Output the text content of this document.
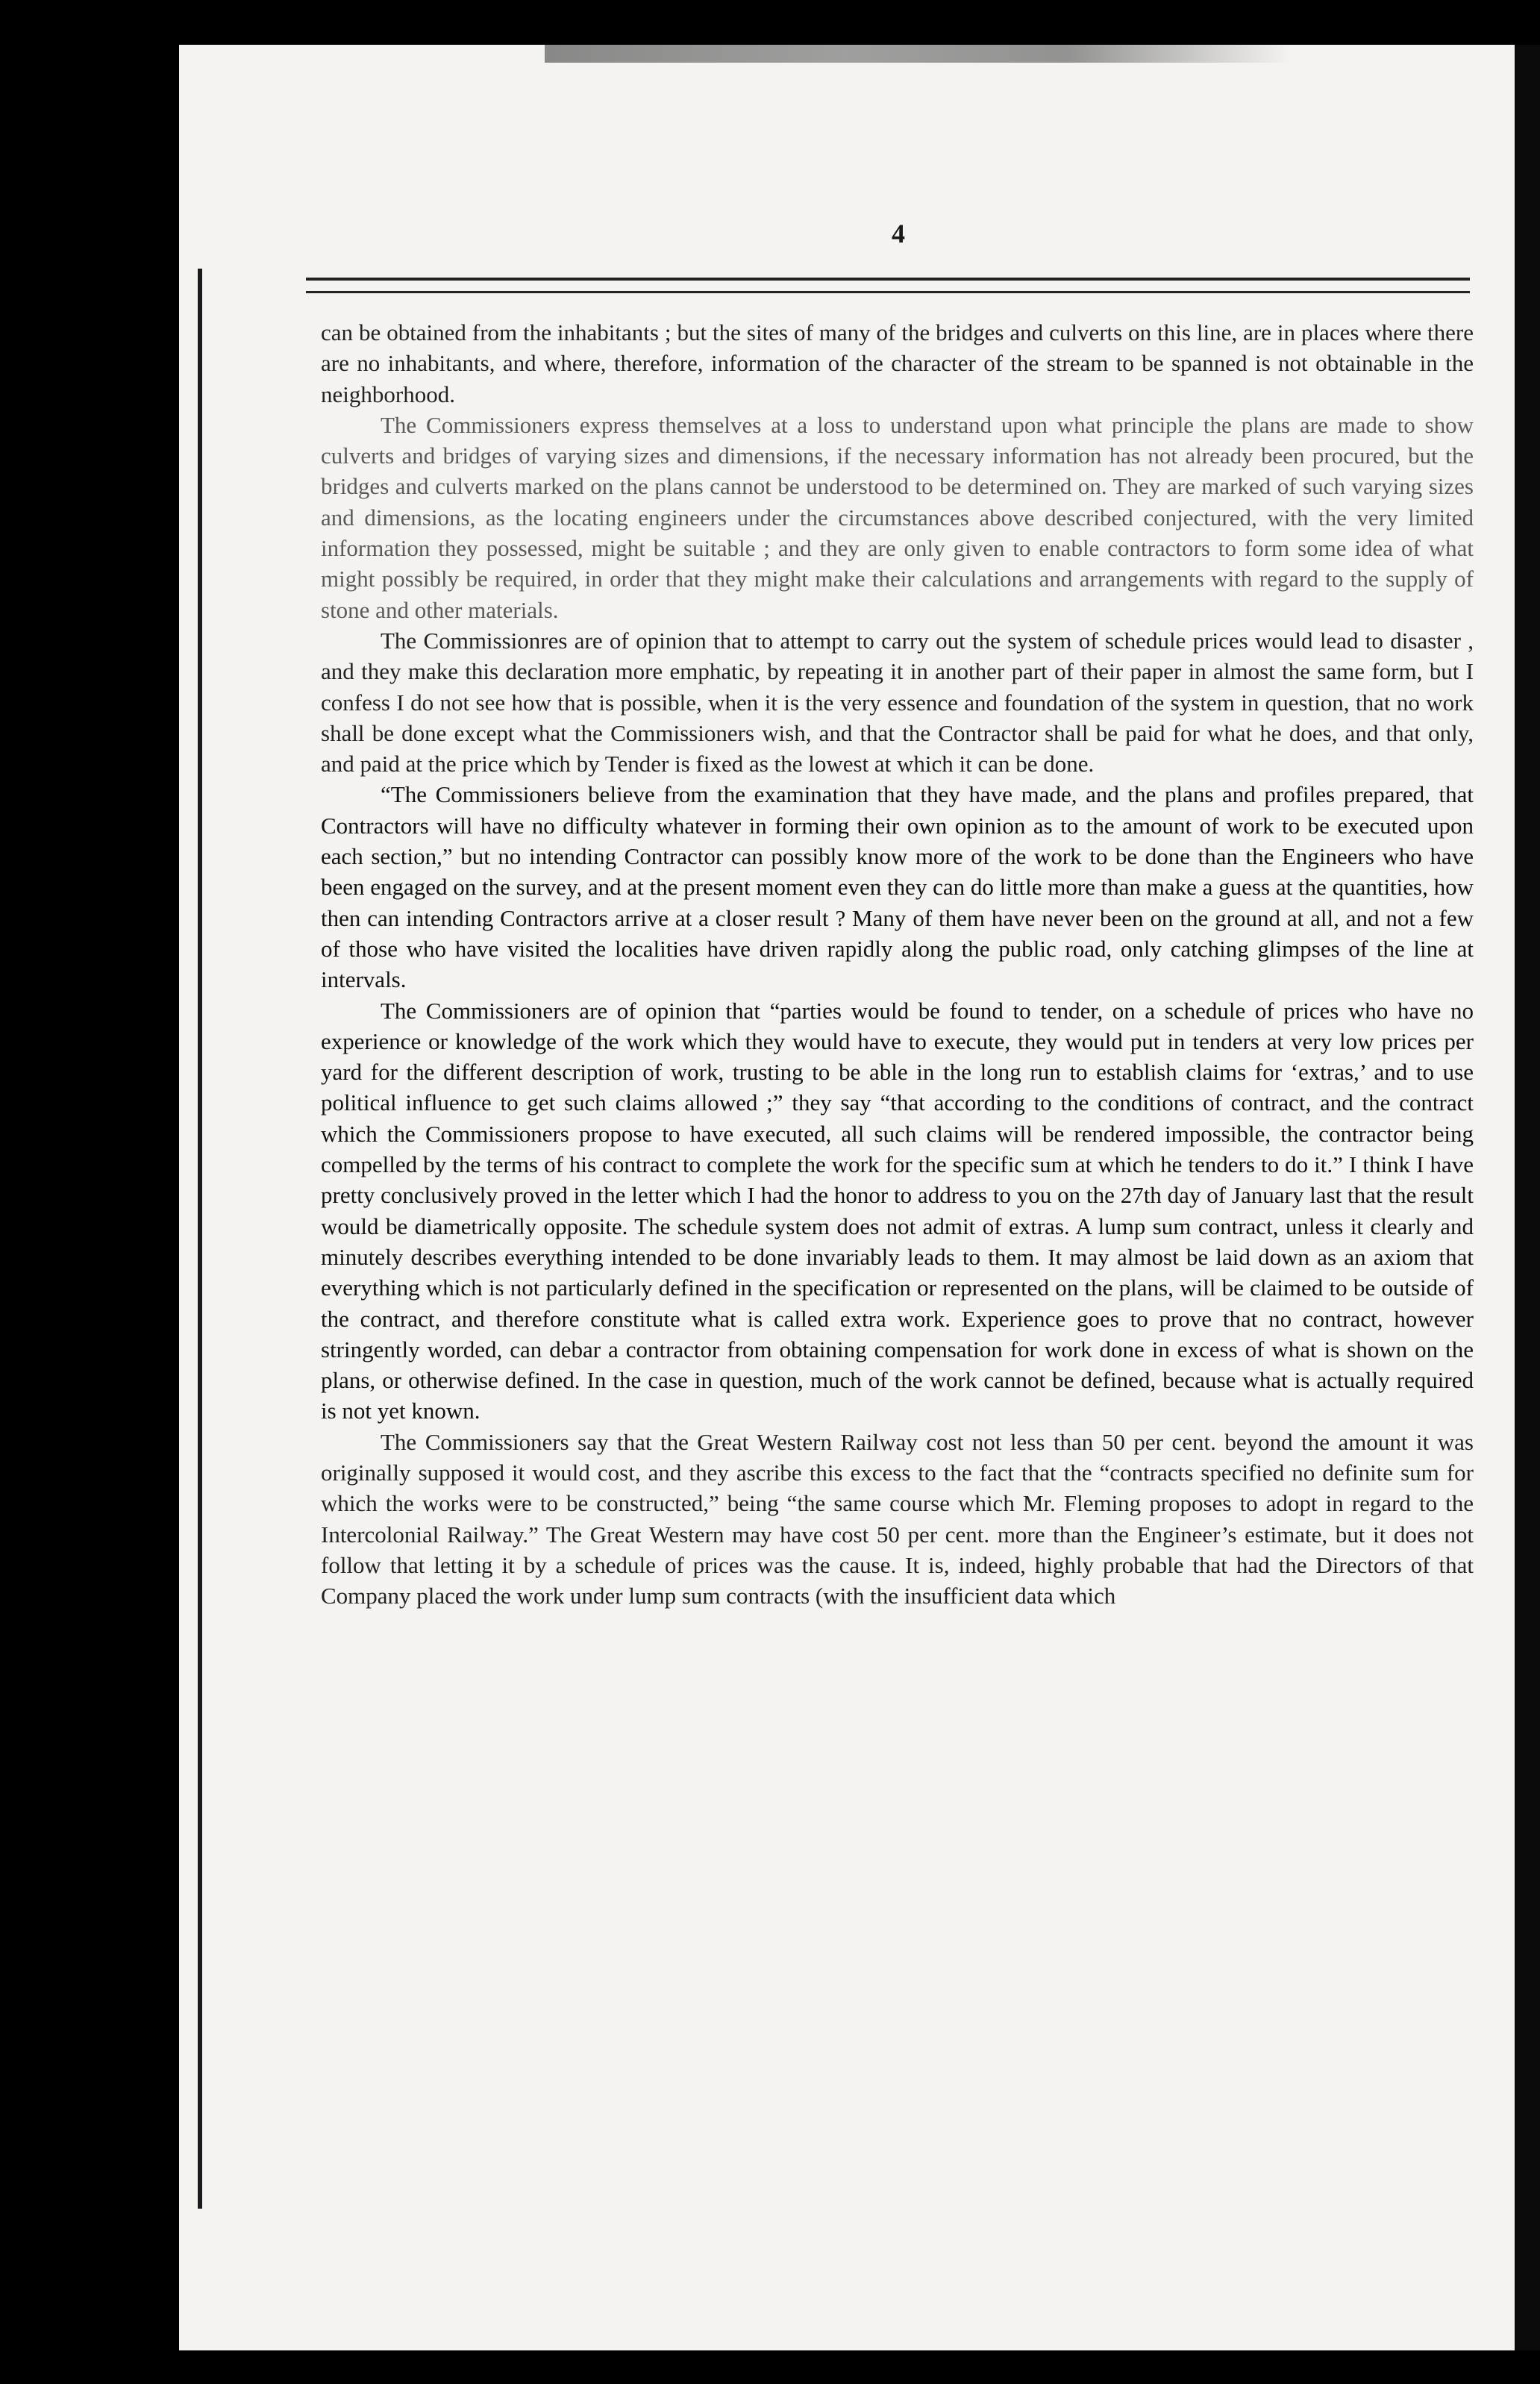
4

can be obtained from the inhabitants ; but the sites of many of the bridges and culverts on this line, are in places where there are no inhabitants, and where, therefore, information of the character of the stream to be spanned is not obtainable in the neighborhood.

The Commissioners express themselves at a loss to understand upon what principle the plans are made to show culverts and bridges of varying sizes and dimensions, if the necessary information has not already been procured, but the bridges and culverts marked on the plans cannot be understood to be determined on. They are marked of such varying sizes and dimensions, as the locating engineers under the circumstances above described conjectured, with the very limited information they possessed, might be suitable ; and they are only given to enable contractors to form some idea of what might possibly be required, in order that they might make their calculations and arrangements with regard to the supply of stone and other materials.

The Commissionres are of opinion that to attempt to carry out the system of schedule prices would lead to disaster , and they make this declaration more emphatic, by repeating it in another part of their paper in almost the same form, but I confess I do not see how that is possible, when it is the very essence and foundation of the system in question, that no work shall be done except what the Commissioners wish, and that the Contractor shall be paid for what he does, and that only, and paid at the price which by Tender is fixed as the lowest at which it can be done.

“The Commissioners believe from the examination that they have made, and the plans and profiles prepared, that Contractors will have no difficulty whatever in forming their own opinion as to the amount of work to be executed upon each section,” but no intending Contractor can possibly know more of the work to be done than the Engineers who have been engaged on the survey, and at the present moment even they can do little more than make a guess at the quantities, how then can intending Contractors arrive at a closer result ? Many of them have never been on the ground at all, and not a few of those who have visited the localities have driven rapidly along the public road, only catching glimpses of the line at intervals.

The Commissioners are of opinion that “parties would be found to tender, on a schedule of prices who have no experience or knowledge of the work which they would have to execute, they would put in tenders at very low prices per yard for the different description of work, trusting to be able in the long run to establish claims for ‘extras,’ and to use political influence to get such claims allowed ;” they say “that according to the conditions of contract, and the contract which the Commissioners propose to have executed, all such claims will be rendered impossible, the contractor being compelled by the terms of his contract to complete the work for the specific sum at which he tenders to do it.” I think I have pretty conclusively proved in the letter which I had the honor to address to you on the 27th day of January last that the result would be diametrically opposite. The schedule system does not admit of extras. A lump sum contract, unless it clearly and minutely describes everything intended to be done invariably leads to them. It may almost be laid down as an axiom that everything which is not particularly defined in the specification or represented on the plans, will be claimed to be outside of the contract, and therefore constitute what is called extra work. Experience goes to prove that no contract, however stringently worded, can debar a contractor from obtaining compensation for work done in excess of what is shown on the plans, or otherwise defined. In the case in question, much of the work cannot be defined, because what is actually required is not yet known.

The Commissioners say that the Great Western Railway cost not less than 50 per cent. beyond the amount it was originally supposed it would cost, and they ascribe this excess to the fact that the “contracts specified no definite sum for which the works were to be constructed,” being “the same course which Mr. Fleming proposes to adopt in regard to the Intercolonial Railway.” The Great Western may have cost 50 per cent. more than the Engineer’s estimate, but it does not follow that letting it by a schedule of prices was the cause. It is, indeed, highly probable that had the Directors of that Company placed the work under lump sum contracts (with the insufficient data which
